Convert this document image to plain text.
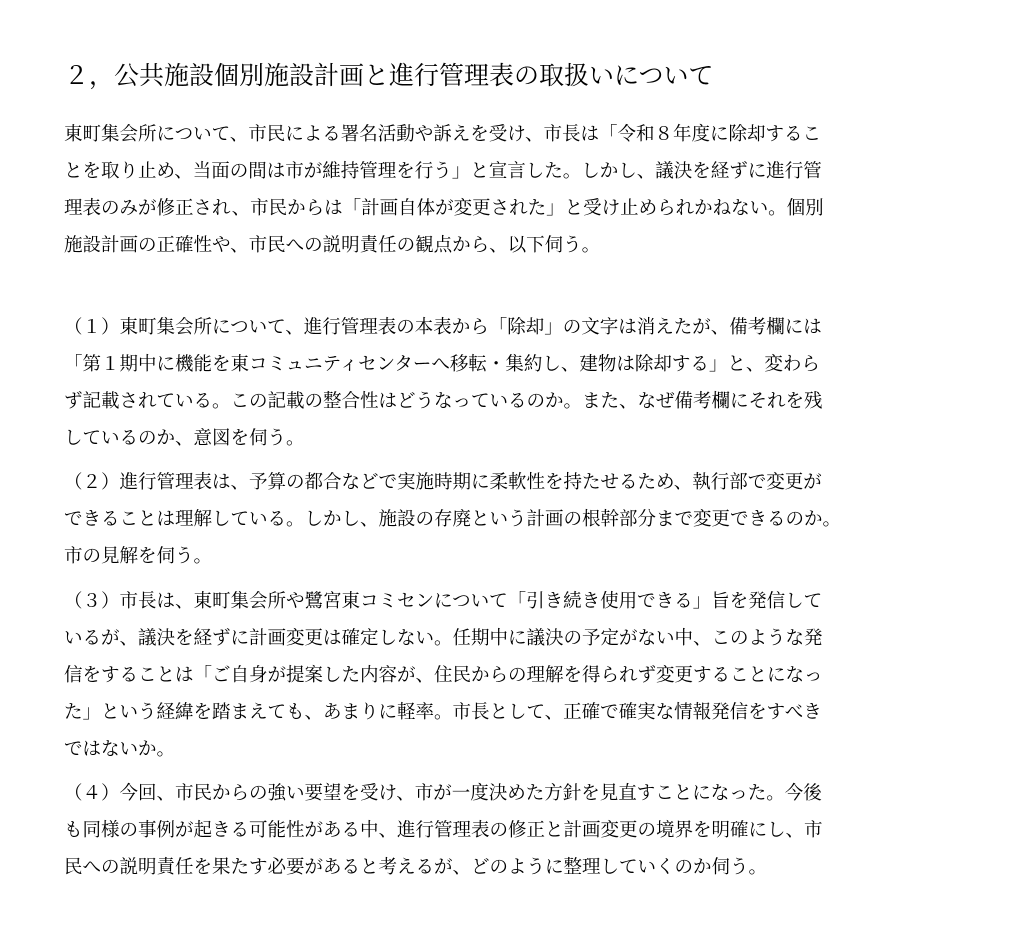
２，公共施設個別施設計画と進行管理表の取扱いについて

東町集会所について、市民による署名活動や訴えを受け、市長は「令和８年度に除却するこ

とを取り止め、当面の間は市が維持管理を行う」と宣言した。しかし、議決を経ずに進行管

理表のみが修正され、市民からは「計画自体が変更された」と受け止められかねない。個別

施設計画の正確性や、市民への説明責任の観点から、以下伺う。

（１）東町集会所について、進行管理表の本表から「除却」の文字は消えたが、備考欄には

「第１期中に機能を東コミュニティセンターへ移転・集約し、建物は除却する」と、変わら

ず記載されている。この記載の整合性はどうなっているのか。また、なぜ備考欄にそれを残

しているのか、意図を伺う。

（２）進行管理表は、予算の都合などで実施時期に柔軟性を持たせるため、執行部で変更が

できることは理解している。しかし、施設の存廃という計画の根幹部分まで変更できるのか。

市の見解を伺う。

（３）市長は、東町集会所や鷺宮東コミセンについて「引き続き使用できる」旨を発信して

いるが、議決を経ずに計画変更は確定しない。任期中に議決の予定がない中、このような発

信をすることは「ご自身が提案した内容が、住民からの理解を得られず変更することになっ

た」という経緯を踏まえても、あまりに軽率。市長として、正確で確実な情報発信をすべき

ではないか。

（４）今回、市民からの強い要望を受け、市が一度決めた方針を見直すことになった。今後

も同様の事例が起きる可能性がある中、進行管理表の修正と計画変更の境界を明確にし、市

民への説明責任を果たす必要があると考えるが、どのように整理していくのか伺う。
